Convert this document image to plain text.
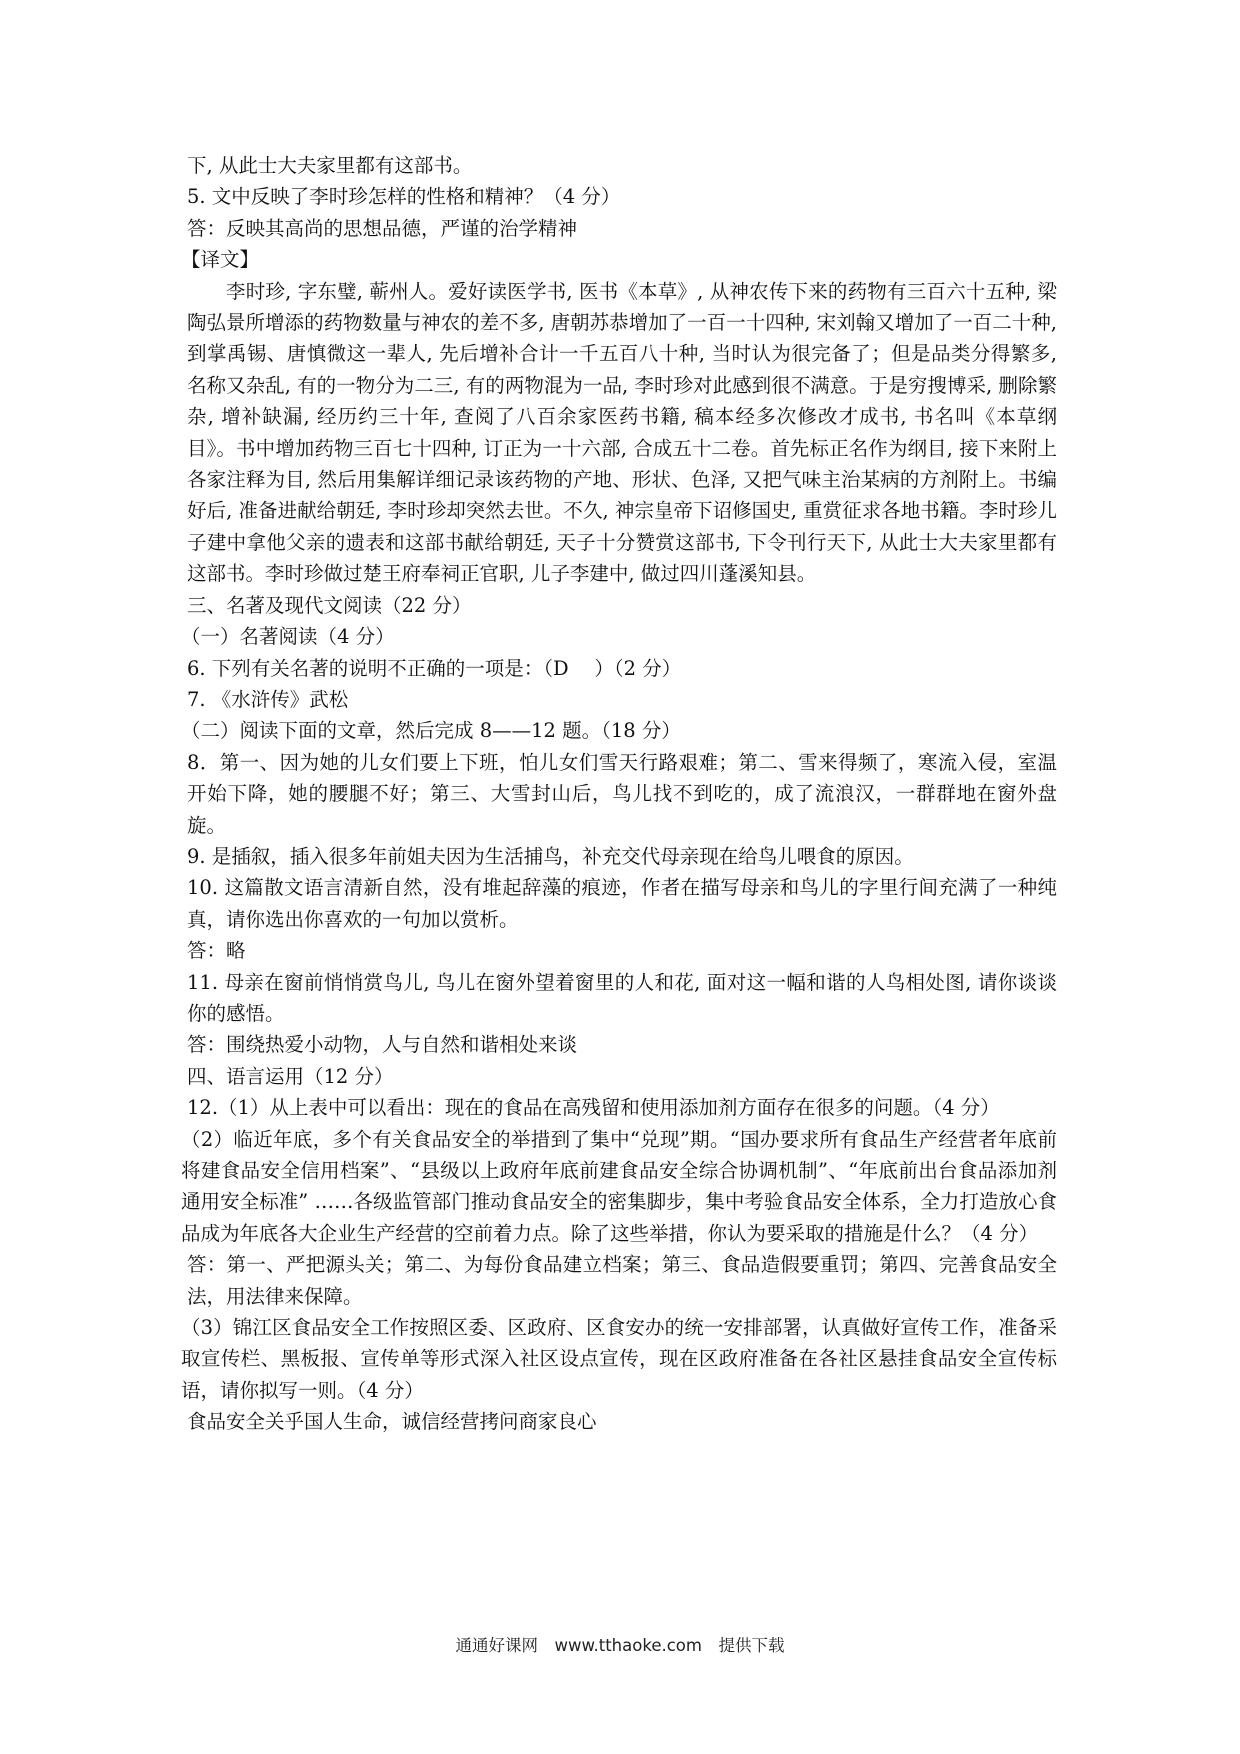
下, 从此士大夫家里都有这部书。

5. 文中反映了李时珍怎样的性格和精神？（4 分）

答：反映其高尚的思想品德，严谨的治学精神

【译文】

李时珍, 字东璧, 蕲州人。爱好读医学书, 医书《本草》, 从神农传下来的药物有三百六十五种, 梁陶弘景所增添的药物数量与神农的差不多, 唐朝苏恭增加了一百一十四种, 宋刘翰又增加了一百二十种, 到掌禹锡、唐慎微这一辈人, 先后增补合计一千五百八十种, 当时认为很完备了；但是品类分得繁多, 名称又杂乱, 有的一物分为二三, 有的两物混为一品, 李时珍对此感到很不满意。于是穷搜博采, 删除繁杂, 增补缺漏, 经历约三十年, 查阅了八百余家医药书籍, 稿本经多次修改才成书, 书名叫《本草纲目》。书中增加药物三百七十四种, 订正为一十六部, 合成五十二卷。首先标正名作为纲目, 接下来附上各家注释为目, 然后用集解详细记录该药物的产地、形状、色泽, 又把气味主治某病的方剂附上。书编好后, 准备进献给朝廷, 李时珍却突然去世。不久, 神宗皇帝下诏修国史, 重赏征求各地书籍。李时珍儿子建中拿他父亲的遗表和这部书献给朝廷, 天子十分赞赏这部书, 下令刊行天下, 从此士大夫家里都有这部书。李时珍做过楚王府奉祠正官职, 儿子李建中, 做过四川蓬溪知县。

三、名著及现代文阅读（22 分）

（一）名著阅读（4 分）

6. 下列有关名著的说明不正确的一项是：（D　 ）（2 分）

7. 《水浒传》武松

（二）阅读下面的文章，然后完成 8——12 题。（18 分）

8．第一、因为她的儿女们要上下班，怕儿女们雪天行路艰难；第二、雪来得频了，寒流入侵，室温开始下降，她的腰腿不好；第三、大雪封山后，鸟儿找不到吃的，成了流浪汉，一群群地在窗外盘旋。

9. 是插叙，插入很多年前姐夫因为生活捕鸟，补充交代母亲现在给鸟儿喂食的原因。

10. 这篇散文语言清新自然，没有堆起辞藻的痕迹，作者在描写母亲和鸟儿的字里行间充满了一种纯真，请你选出你喜欢的一句加以赏析。

答：略

11. 母亲在窗前悄悄赏鸟儿, 鸟儿在窗外望着窗里的人和花, 面对这一幅和谐的人鸟相处图, 请你谈谈你的感悟。

答：围绕热爱小动物，人与自然和谐相处来谈

四、语言运用（12 分）

12.（1）从上表中可以看出：现在的食品在高残留和使用添加剂方面存在很多的问题。（4 分）

（2）临近年底，多个有关食品安全的举措到了集中“兑现”期。“国办要求所有食品生产经营者年底前将建食品安全信用档案”、“县级以上政府年底前建食品安全综合协调机制”、“年底前出台食品添加剂通用安全标准” ……各级监管部门推动食品安全的密集脚步，集中考验食品安全体系，全力打造放心食品成为年底各大企业生产经营的空前着力点。除了这些举措，你认为要采取的措施是什么？（4 分）

答：第一、严把源头关；第二、为每份食品建立档案；第三、食品造假要重罚；第四、完善食品安全法，用法律来保障。

（3）锦江区食品安全工作按照区委、区政府、区食安办的统一安排部署，认真做好宣传工作，准备采取宣传栏、黑板报、宣传单等形式深入社区设点宣传，现在区政府准备在各社区悬挂食品安全宣传标语，请你拟写一则。（4 分）

食品安全关乎国人生命，诚信经营拷问商家良心

通通好课网　www.tthaoke.com　提供下载
